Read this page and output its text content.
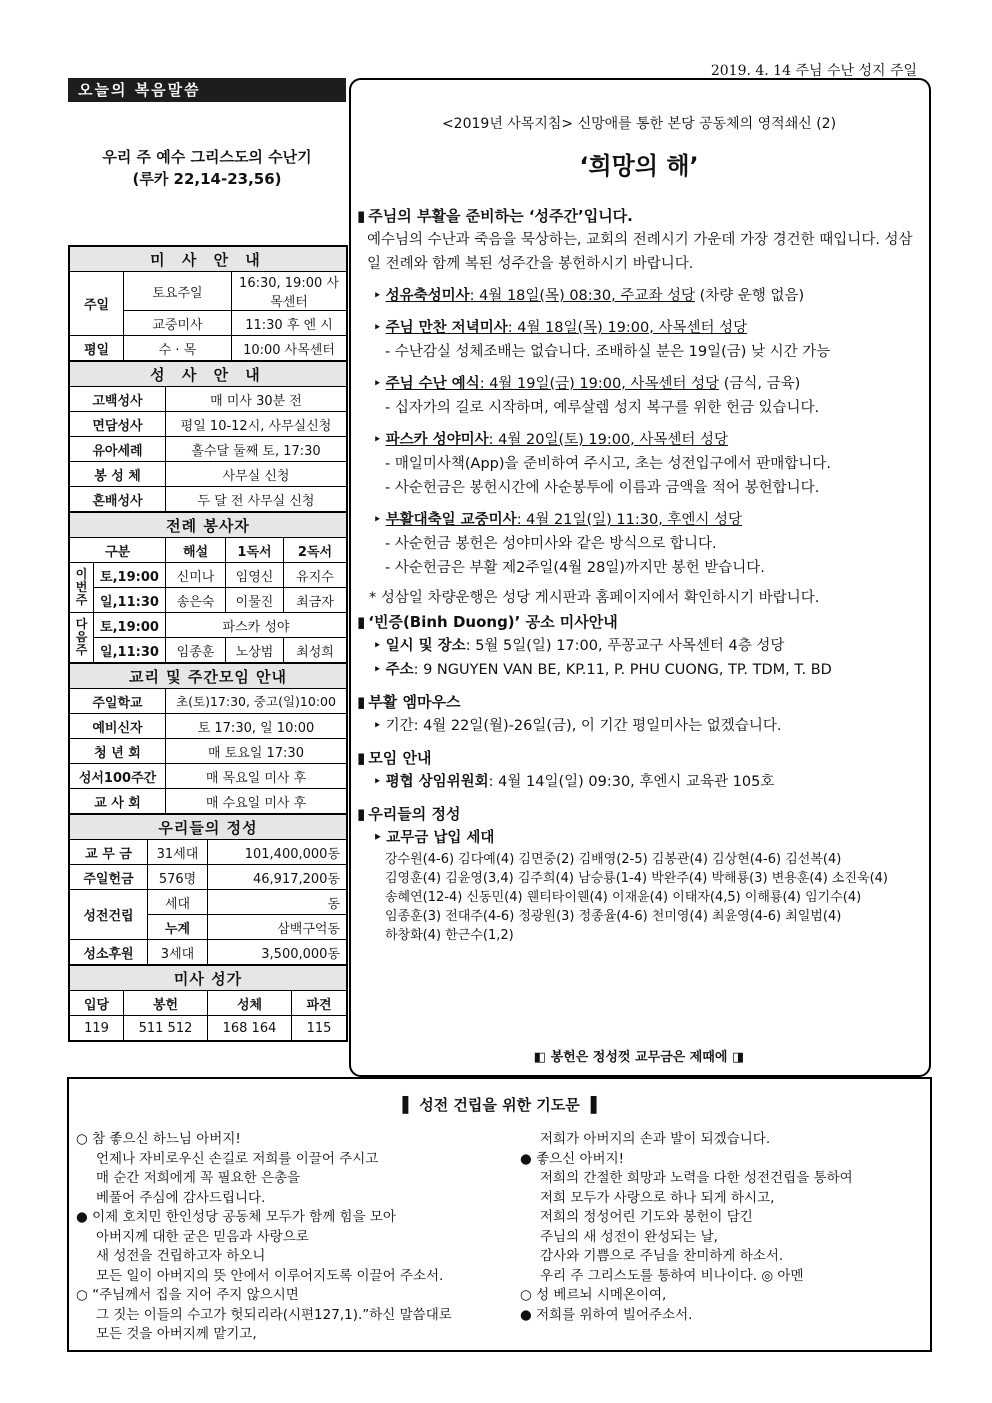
2019. 4. 14 주님 수난 성지 주일
오늘의 복음말씀
우리 주 예수 그리스도의 수난기
(루카 22,14-23,56)
미 사 안 내		
주일	토요주일	16:30, 19:00 사목센터
	교중미사	11:30 후 엔 시
평일	수 · 목	10:00 사목센터
성 사 안 내	
고백성사	매 미사 30분 전
면담성사	평일 10-12시, 사무실신청
유아세례	홀수달 둘째 토, 17:30
봉 성 체	사무실 신청
혼배성사	두 달 전 사무실 신청
전례 봉사자				
구분		해설	1독서	2독서
이번주	토,19:00	신미나	임영신	유지수
	일,11:30	송은숙	이물진	최금자
다음주	토,19:00	파스카 성야		
	일,11:30	임종훈	노상범	최성희
교리 및 주간모임 안내	
주일학교	초(토)17:30, 중고(일)10:00
예비신자	토 17:30, 일 10:00
청 년 회	매 토요일 17:30
성서100주간	매 목요일 미사 후
교 사 회	매 수요일 미사 후
우리들의 정성		
교 무 금	31세대	101,400,000동
주일헌금	576명	46,917,200동
성전건립	세대	동
	누계	삼백구억동
성소후원	3세대	3,500,000동
미사 성가			
입당	봉헌	성체	파견
119	511 512	168 164	115
<2019년 사목지침> 신망애를 통한 본당 공동체의 영적쇄신 (2)
‘희망의 해’

▮ 주님의 부활을 준비하는 ‘성주간’입니다.

예수님의 수난과 죽음을 묵상하는, 교회의 전례시기 가운데 가장 경건한 때입니다. 성삼일 전례와 함께 복된 성주간을 봉헌하시기 바랍니다.

‣ 성유축성미사: 4월 18일(목) 08:30, 주교좌 성당 (차량 운행 없음)

‣ 주님 만찬 저녁미사: 4월 18일(목) 19:00, 사목센터 성당

- 수난감실 성체조배는 없습니다. 조배하실 분은 19일(금) 낮 시간 가능

‣ 주님 수난 예식: 4월 19일(금) 19:00, 사목센터 성당 (금식, 금육)

- 십자가의 길로 시작하며, 예루살렘 성지 복구를 위한 헌금 있습니다.

‣ 파스카 성야미사: 4월 20일(토) 19:00, 사목센터 성당

- 매일미사책(App)을 준비하여 주시고, 초는 성전입구에서 판매합니다.

- 사순헌금은 봉헌시간에 사순봉투에 이름과 금액을 적어 봉헌합니다.

‣ 부활대축일 교중미사: 4월 21일(일) 11:30, 후엔시 성당

- 사순헌금 봉헌은 성야미사와 같은 방식으로 합니다.

- 사순헌금은 부활 제2주일(4월 28일)까지만 봉헌 받습니다.

* 성삼일 차량운행은 성당 게시판과 홈페이지에서 확인하시기 바랍니다.

▮ ‘빈증(Binh Duong)’ 공소 미사안내

‣ 일시 및 장소: 5월 5일(일) 17:00, 푸꽁교구 사목센터 4층 성당

‣ 주소: 9 NGUYEN VAN BE, KP.11, P. PHU CUONG, TP. TDM, T. BD

▮ 부활 엠마우스

‣ 기간: 4월 22일(월)-26일(금), 이 기간 평일미사는 없겠습니다.

▮ 모임 안내

‣ 평협 상임위원회: 4월 14일(일) 09:30, 후엔시 교육관 105호

▮ 우리들의 정성

‣ 교무금 납입 세대

강수원(4-6) 김다예(4) 김면중(2) 김배영(2-5) 김봉관(4) 김상현(4-6) 김선복(4)
김영훈(4) 김윤영(3,4) 김주희(4) 남승룡(1-4) 박완주(4) 박해룡(3) 변용훈(4) 소진욱(4)
송혜연(12-4) 신동민(4) 웬티타이웬(4) 이재윤(4) 이태자(4,5) 이해룡(4) 임기수(4)
임종훈(3) 전대주(4-6) 정광원(3) 정종율(4-6) 천미영(4) 최윤영(4-6) 최일범(4)
하창화(4) 한근수(1,2)
◧ 봉헌은 정성껏 교무금은 제때에 ◨
▌ 성전 건립을 위한 기도문 ▐

○ 참 좋으신 하느님 아버지!

언제나 자비로우신 손길로 저희를 이끌어 주시고

매 순간 저희에게 꼭 필요한 은총을

베풀어 주심에 감사드립니다.

● 이제 호치민 한인성당 공동체 모두가 함께 힘을 모아

아버지께 대한 굳은 믿음과 사랑으로

새 성전을 건립하고자 하오니

모든 일이 아버지의 뜻 안에서 이루어지도록 이끌어 주소서.

○ “주님께서 집을 지어 주지 않으시면

그 짓는 이들의 수고가 헛되리라(시편127,1).”하신 말씀대로

모든 것을 아버지께 맡기고,

저희가 아버지의 손과 발이 되겠습니다.

● 좋으신 아버지!

저희의 간절한 희망과 노력을 다한 성전건립을 통하여

저희 모두가 사랑으로 하나 되게 하시고,

저희의 정성어린 기도와 봉헌이 담긴

주님의 새 성전이 완성되는 날,

감사와 기쁨으로 주님을 찬미하게 하소서.

우리 주 그리스도를 통하여 비나이다. ◎ 아멘

○ 성 베르뇌 시메온이여,

● 저희를 위하여 빌어주소서.
